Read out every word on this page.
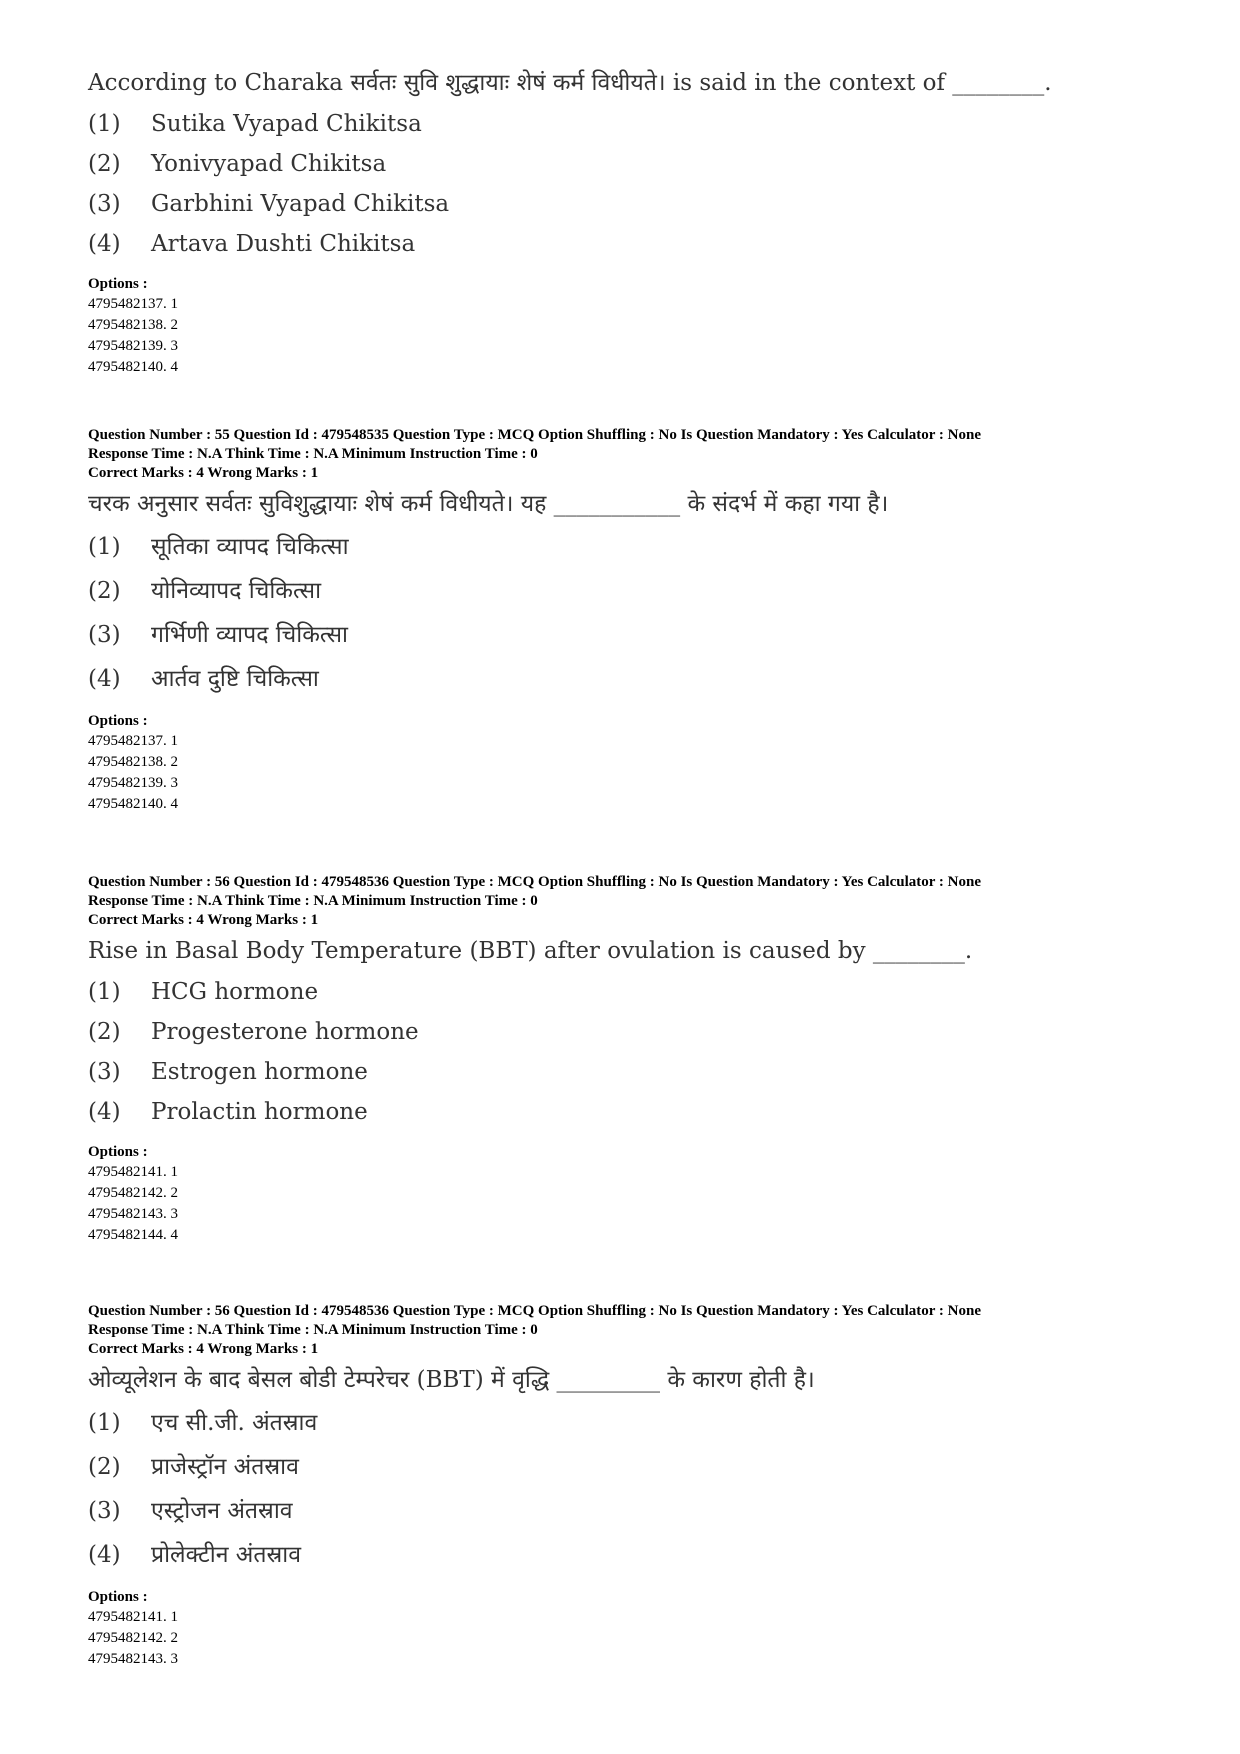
According to Charaka सर्वतः सुवि शुद्धायाः शेषं कर्म विधीयते। is said in the context of ________.
(1) Sutika Vyapad Chikitsa
(2) Yonivyapad Chikitsa
(3) Garbhini Vyapad Chikitsa
(4) Artava Dushti Chikitsa
Options :
4795482137. 1
4795482138. 2
4795482139. 3
4795482140. 4
Question Number : 55 Question Id : 479548535 Question Type : MCQ Option Shuffling : No Is Question Mandatory : Yes Calculator : None
Response Time : N.A Think Time : N.A Minimum Instruction Time : 0
Correct Marks : 4 Wrong Marks : 1
चरक अनुसार सर्वतः सुविशुद्धायाः शेषं कर्म विधीयते। यह ___________ के संदर्भ में कहा गया है।
(1) सूतिका व्यापद चिकित्सा
(2) योनिव्यापद चिकित्सा
(3) गर्भिणी व्यापद चिकित्सा
(4) आर्तव दुष्टि चिकित्सा
Options :
4795482137. 1
4795482138. 2
4795482139. 3
4795482140. 4
Question Number : 56 Question Id : 479548536 Question Type : MCQ Option Shuffling : No Is Question Mandatory : Yes Calculator : None
Response Time : N.A Think Time : N.A Minimum Instruction Time : 0
Correct Marks : 4 Wrong Marks : 1
Rise in Basal Body Temperature (BBT) after ovulation is caused by ________.
(1) HCG hormone
(2) Progesterone hormone
(3) Estrogen hormone
(4) Prolactin hormone
Options :
4795482141. 1
4795482142. 2
4795482143. 3
4795482144. 4
Question Number : 56 Question Id : 479548536 Question Type : MCQ Option Shuffling : No Is Question Mandatory : Yes Calculator : None
Response Time : N.A Think Time : N.A Minimum Instruction Time : 0
Correct Marks : 4 Wrong Marks : 1
ओव्यूलेशन के बाद बेसल बोडी टेम्परेचर (BBT) में वृद्धि _________ के कारण होती है।
(1) एच सी.जी. अंतस्राव
(2) प्राजेस्ट्रॉन अंतस्राव
(3) एस्ट्रोजन अंतस्राव
(4) प्रोलेक्टीन अंतस्राव
Options :
4795482141. 1
4795482142. 2
4795482143. 3
